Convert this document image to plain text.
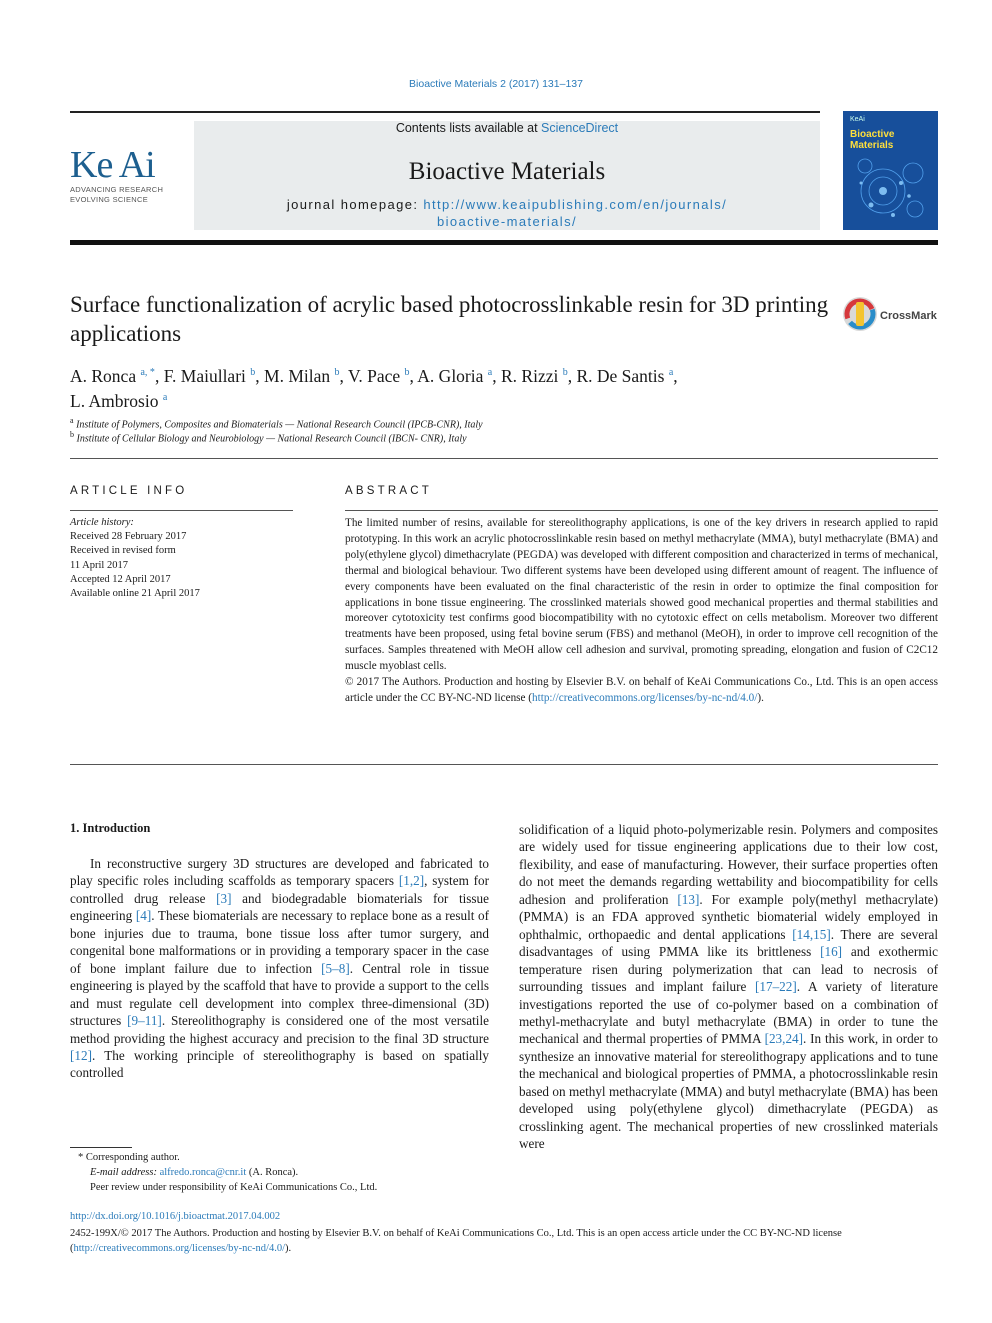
Bioactive Materials 2 (2017) 131–137
Ke Ai
ADVANCING RESEARCH
EVOLVING SCIENCE
Contents lists available at ScienceDirect
Bioactive Materials
journal homepage: http://www.keaipublishing.com/en/journals/
bioactive-materials/
KeAi
Bioactive
Materials
Surface functionalization of acrylic based photocrosslinkable resin for 3D printing applications
CrossMark
A. Ronca $^{a, *}$, F. Maiullari $^b$, M. Milan $^b$, V. Pace $^b$, A. Gloria $^a$, R. Rizzi $^b$, R. De Santis $^a$,
L. Ambrosio $^a$
$^a$ Institute of Polymers, Composites and Biomaterials — National Research Council (IPCB-CNR), Italy
$^b$ Institute of Cellular Biology and Neurobiology — National Research Council (IBCN- CNR), Italy
ARTICLE INFO	ABSTRACT
Article history:
Received 28 February 2017
Received in revised form
11 April 2017
Accepted 12 April 2017
Available online 21 April 2017

The limited number of resins, available for stereolithography applications, is one of the key drivers in research applied to rapid prototyping. In this work an acrylic photocrosslinkable resin based on methyl methacrylate (MMA), butyl methacrylate (BMA) and poly(ethylene glycol) dimethacrylate (PEGDA) was developed with different composition and characterized in terms of mechanical, thermal and biological behaviour. Two different systems have been developed using different amount of reagent. The influence of every components have been evaluated on the final characteristic of the resin in order to optimize the final composition for applications in bone tissue engineering. The crosslinked materials showed good mechanical properties and thermal stabilities and moreover cytotoxicity test confirms good biocompatibility with no cytotoxic effect on cells metabolism. Moreover two different treatments have been proposed, using fetal bovine serum (FBS) and methanol (MeOH), in order to improve cell recognition of the surfaces. Samples threatened with MeOH allow cell adhesion and survival, promoting spreading, elongation and fusion of C2C12 muscle myoblast cells.

© 2017 The Authors. Production and hosting by Elsevier B.V. on behalf of KeAi Communications Co., Ltd. This is an open access article under the CC BY-NC-ND license (http://creativecommons.org/licenses/by-nc-nd/4.0/).

1. Introduction
In reconstructive surgery 3D structures are developed and fabricated to play specific roles including scaffolds as temporary spacers [1,2], system for controlled drug release [3] and biodegradable biomaterials for tissue engineering [4]. These biomaterials are necessary to replace bone as a result of bone injuries due to trauma, bone tissue loss after tumor surgery, and congenital bone malformations or in providing a temporary spacer in the case of bone implant failure due to infection [5–8]. Central role in tissue engineering is played by the scaffold that have to provide a support to the cells and must regulate cell development into complex three-dimensional (3D) structures [9–11]. Stereolithography is considered one of the most versatile method providing the highest accuracy and precision to the final 3D structure [12]. The working principle of stereolithography is based on spatially controlled
solidification of a liquid photo-polymerizable resin. Polymers and composites are widely used for tissue engineering applications due to their low cost, flexibility, and ease of manufacturing. However, their surface properties often do not meet the demands regarding wettability and biocompatibility for cells adhesion and proliferation [13]. For example poly(methyl methacrylate) (PMMA) is an FDA approved synthetic biomaterial widely employed in ophthalmic, orthopaedic and dental applications [14,15]. There are several disadvantages of using PMMA like its brittleness [16] and exothermic temperature risen during polymerization that can lead to necrosis of surrounding tissues and implant failure [17–22]. A variety of literature investigations reported the use of co-polymer based on a combination of methyl-methacrylate and butyl methacrylate (BMA) in order to tune the mechanical and thermal properties of PMMA [23,24]. In this work, in order to synthesize an innovative material for stereolithograpy applications and to tune the mechanical and biological properties of PMMA, a photocrosslinkable resin based on methyl methacrylate (MMA) and butyl methacrylate (BMA) has been developed using poly(ethylene glycol) dimethacrylate (PEGDA) as crosslinking agent. The mechanical properties of new crosslinked materials were
* Corresponding author.
E-mail address: alfredo.ronca@cnr.it (A. Ronca).
Peer review under responsibility of KeAi Communications Co., Ltd.
http://dx.doi.org/10.1016/j.bioactmat.2017.04.002
2452-199X/© 2017 The Authors. Production and hosting by Elsevier B.V. on behalf of KeAi Communications Co., Ltd. This is an open access article under the CC BY-NC-ND license (http://creativecommons.org/licenses/by-nc-nd/4.0/).
